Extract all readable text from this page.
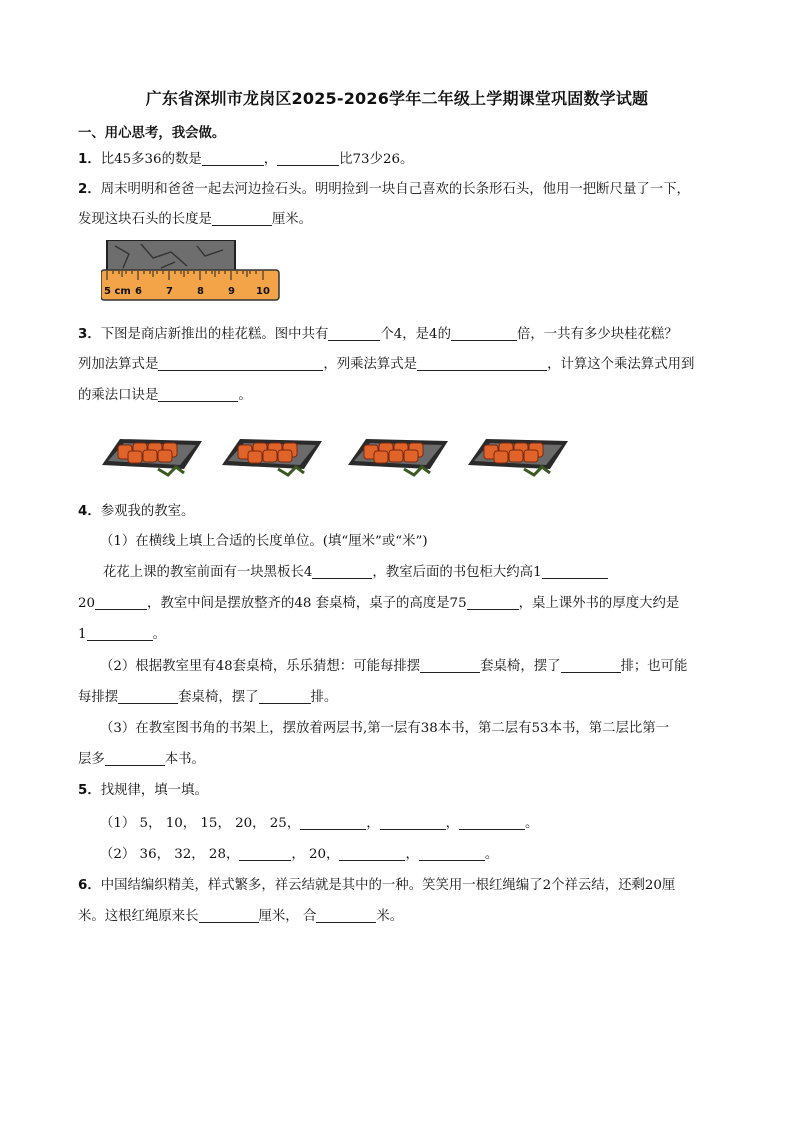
广东省深圳市龙岗区2025-2026学年二年级上学期课堂巩固数学试题
一、用心思考，我会做。
1．比45多36的数是	，	比73少26。
2．周末明明和爸爸一起去河边捡石头。明明捡到一块自己喜欢的长条形石头，他用一把断尺量了一下，
发现这块石头的长度是	厘米。
5 cm 6 7 8 9 10
3．下图是商店新推出的桂花糕。图中共有	个4，是4的	倍，一共有多少块桂花糕？
列加法算式是	，列乘法算式是	，计算这个乘法算式用到
的乘法口诀是	。
4．参观我的教室。
（1）在横线上填上合适的长度单位。(填“厘米”或“米”)
花花上课的教室前面有一块黑板长4	，教室后面的书包柜大约高1
20	，教室中间是摆放整齐的48 套桌椅，桌子的高度是75	，桌上课外书的厚度大约是
1	。
（2）根据教室里有48套桌椅，乐乐猜想：可能每排摆	套桌椅，摆了	排；也可能
每排摆	套桌椅，摆了	排。
（3）在教室图书角的书架上，摆放着两层书,第一层有38本书，第二层有53本书，第二层比第一
层多	本书。
5．找规律，填一填。
（1） 5， 10， 15， 20， 25，	，	，	。
（2） 36， 32， 28，	， 20，	，	。
6．中国结编织精美，样式繁多，祥云结就是其中的一种。笑笑用一根红绳编了2个祥云结，还剩20厘
米。这根红绳原来长	厘米， 合	米。
